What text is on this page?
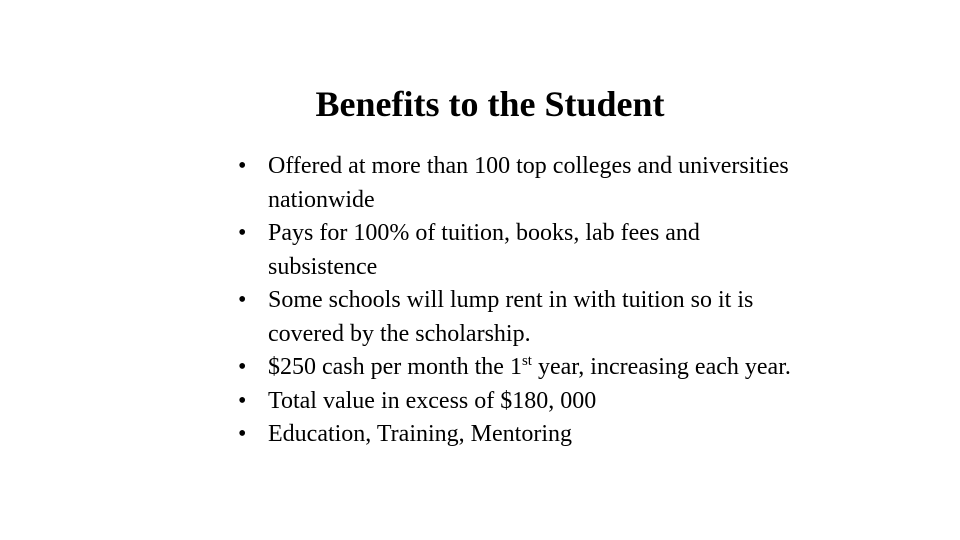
Benefits to the Student
• Offered at more than 100 top colleges and universities nationwide
• Pays for 100% of tuition, books, lab fees and subsistence
• Some schools will lump rent in with tuition so it is covered by the scholarship.
• $250 cash per month the 1st year, increasing each year.
• Total value in excess of $180, 000
• Education, Training, Mentoring
